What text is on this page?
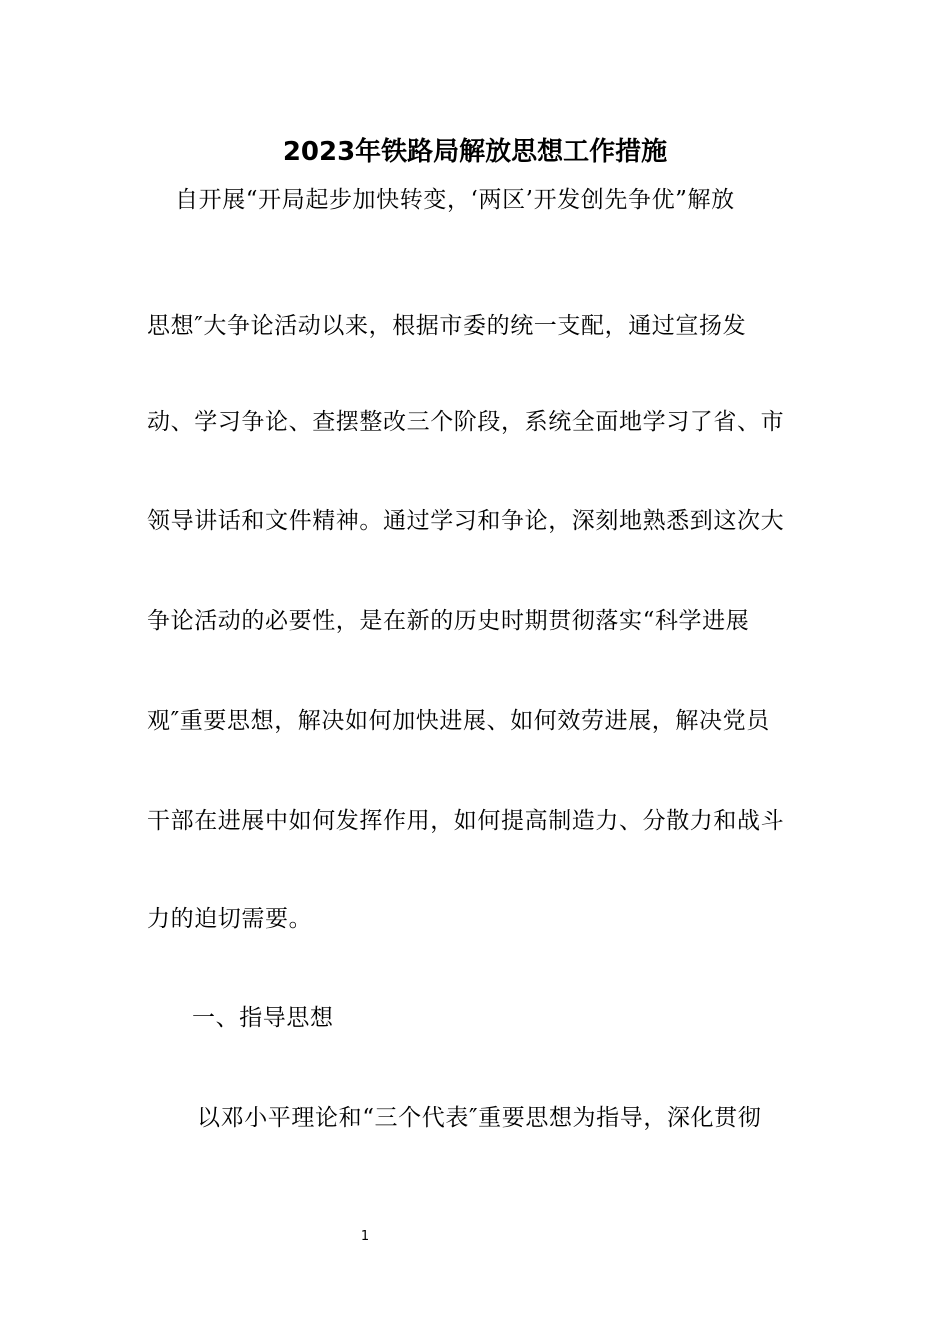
2023年铁路局解放思想工作措施
自开展“开局起步加快转变，‘两区’开发创先争优”解放
思想″大争论活动以来，根据市委的统一支配，通过宣扬发
动、学习争论、查摆整改三个阶段，系统全面地学习了省、市
领导讲话和文件精神。通过学习和争论，深刻地熟悉到这次大
争论活动的必要性，是在新的历史时期贯彻落实“科学进展
观″重要思想，解决如何加快进展、如何效劳进展，解决党员
干部在进展中如何发挥作用，如何提高制造力、分散力和战斗
力的迫切需要。
一、指导思想
以邓小平理论和“三个代表″重要思想为指导，深化贯彻
1
